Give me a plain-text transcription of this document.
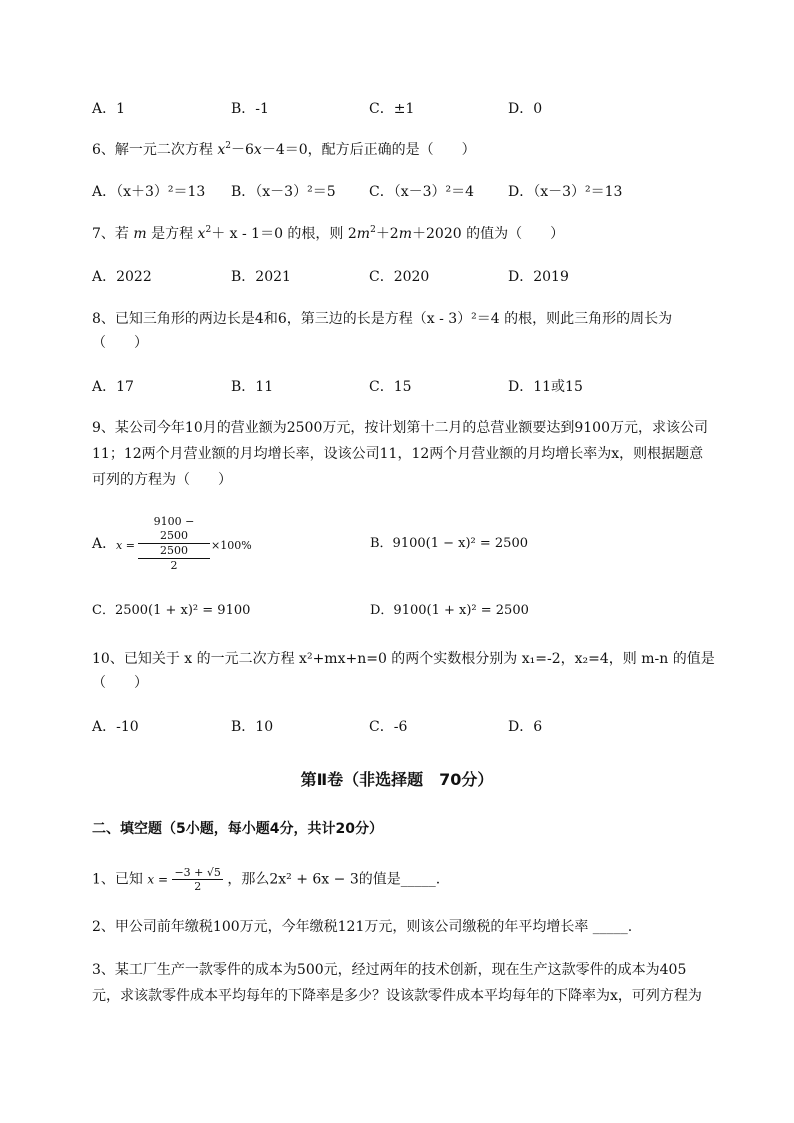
A．1	B．-1	C．±1	D．0
6、解一元二次方程 $x^2-6x-4=0$，配方后正确的是（　　）
A．（x＋3）²＝13 B．（x－3）²＝5 C．（x－3）²＝4 D．（x－3）²＝13
7、若 m 是方程 $x^2+ x - 1=0$ 的根，则 $2m^2+2m+2020$ 的值为（　　）
A．2022	B．2021	C．2020	D．2019
8、已知三角形的两边长是4和6，第三边的长是方程（x - 3）²＝4 的根，则此三角形的周长为
（　　）
A．17	B．11	C．15	D．11或15
9、某公司今年10月的营业额为2500万元，按计划第十二月的总营业额要达到9100万元，求该公司
11；12两个月营业额的月均增长率，设该公司11，12两个月营业额的月均增长率为x，则根据题意
可列的方程为（　　）
A． x =
9100 − 2500
2500
2
×100%	B．9100(1 − x)² = 2500
C．2500(1 + x)² = 9100	D．9100(1 + x)² = 2500
10、已知关于 x 的一元二次方程 x²+mx+n=0 的两个实数根分别为 x₁=-2，x₂=4，则 m-n 的值是
（　　）
A．-10	B．10	C．-6	D．6
第Ⅱ卷（非选择题　70分）
二、填空题（5小题，每小题4分，共计20分）
1、已知 $x = \frac{-3 + √5}{2}$ ，那么2x² + 6x − 3的值是_____.
2、甲公司前年缴税100万元，今年缴税121万元，则该公司缴税的年平均增长率 _____.
3、某工厂生产一款零件的成本为500元，经过两年的技术创新，现在生产这款零件的成本为405
元，求该款零件成本平均每年的下降率是多少？设该款零件成本平均每年的下降率为x，可列方程为
